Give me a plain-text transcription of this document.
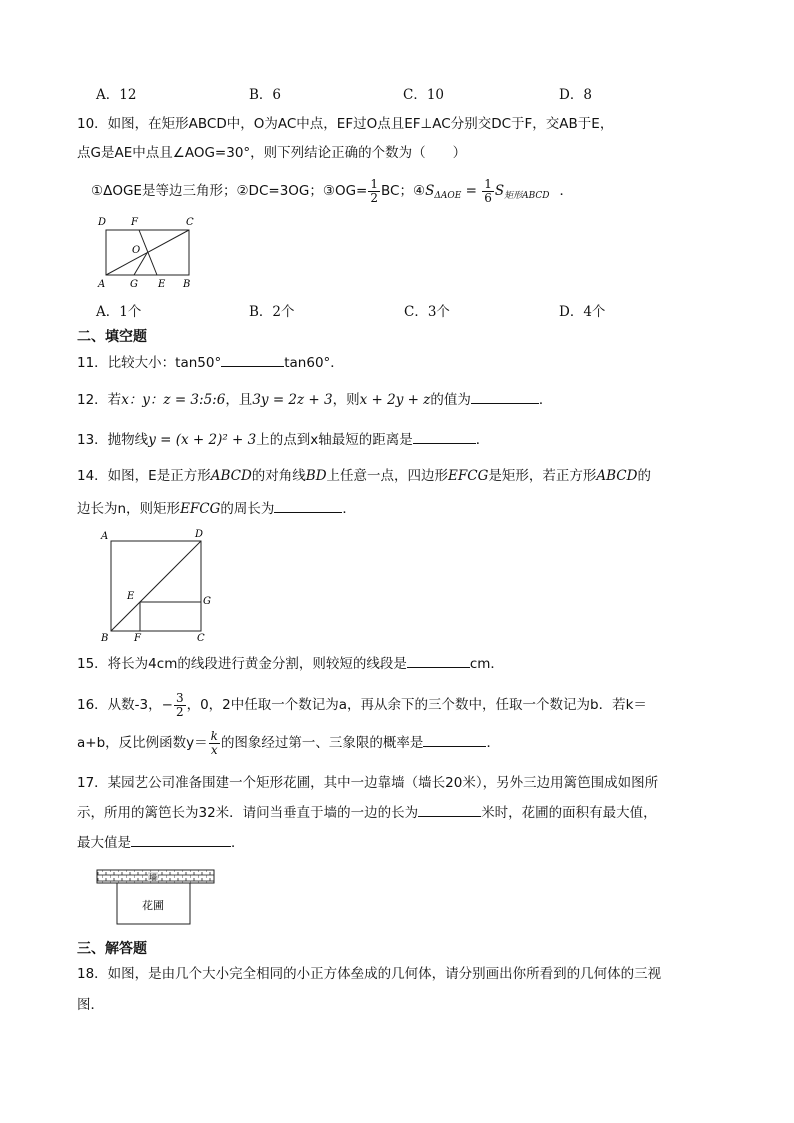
A．12	B．6	C．10	D．8
10．如图，在矩形ABCD中，O为AC中点，EF过O点且EF⊥AC分别交DC于F，交AB于E，
点G是AE中点且∠AOG=30°，则下列结论正确的个数为（　　）
①ΔOGE是等边三角形；②DC=3OG；③OG= $\frac{1}{2}$ BC；$④S_{\Delta AOE} = \frac{1}{6} S_{矩形ABCD}$ ．
D F	C
O
A G E B
A．1个	B．2个	C．3个	D．4个
二、填空题
11．比较大小：tan50°	tan60°．
12．若x：y：z = 3:5:6，且3y = 2z + 3，则x + 2y + z的值为	．
13．抛物线y = (x + 2)² + 3上的点到x轴最短的距离是	．
14．如图，E是正方形ABCD的对角线BD上任意一点，四边形EFCG是矩形，若正方形ABCD的
边长为n，则矩形EFCG的周长为	．
A	D
E	G
B	F	C
15．将长为4cm的线段进行黄金分割，则较短的线段是	cm．
16．从数-3，− $\frac{3}{2}$ ，0，2中任取一个数记为a，再从余下的三个数中，任取一个数记为b．若k＝
a+b，反比例函数$y= \frac{k}{x}$ 的图象经过第一、三象限的概率是	．
17．某园艺公司准备围建一个矩形花圃，其中一边靠墙（墙长20米），另外三边用篱笆围成如图所
示，所用的篱笆长为32米．请问当垂直于墙的一边的长为	米时，花圃的面积有最大值，
最大值是	．
墙
花圃
三、解答题
18．如图，是由几个大小完全相同的小正方体垒成的几何体，请分别画出你所看到的几何体的三视
图．
